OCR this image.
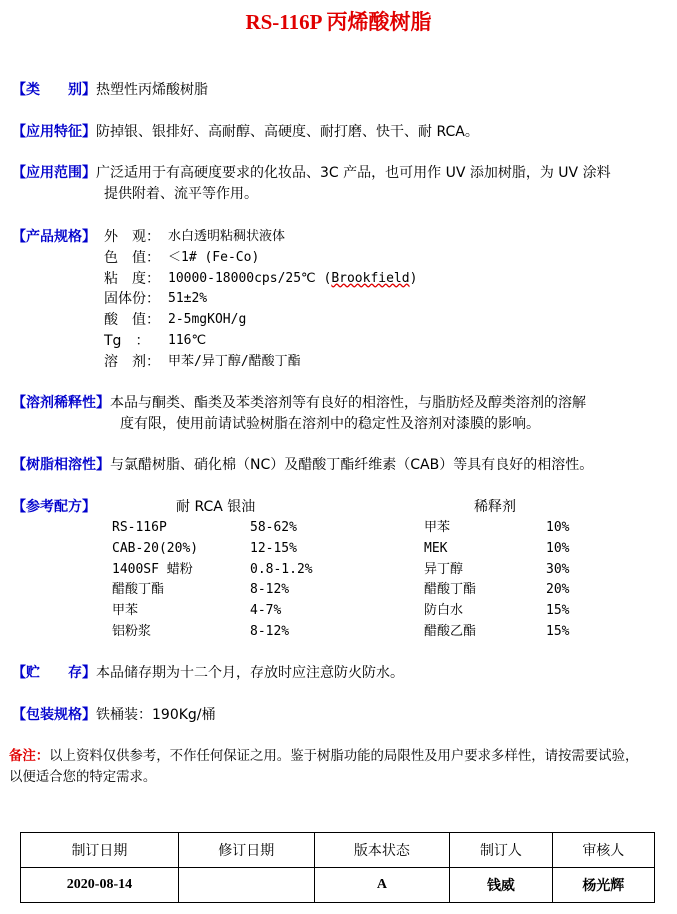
RS-116P 丙烯酸树脂
【类　　别】热塑性丙烯酸树脂
【应用特征】防掉银、银排好、高耐醇、高硬度、耐打磨、快干、耐 RCA。
【应用范围】广泛适用于有高硬度要求的化妆品、3C 产品，也可用作 UV 添加树脂，为 UV 涂料
提供附着、流平等作用。
【产品规格】 外　观： 水白透明粘稠状液体
色　值： ＜1# (Fe-Co)
粘　度： 10000-18000cps/25℃ (Brookfield)
固体份： 51±2%
酸　值： 2-5mgKOH/g
Tg　：	116℃
溶　剂： 甲苯/异丁醇/醋酸丁酯
【溶剂稀释性】本品与酮类、酯类及苯类溶剂等有良好的相溶性，与脂肪烃及醇类溶剂的溶解
度有限，使用前请试验树脂在溶剂中的稳定性及溶剂对漆膜的影响。
【树脂相溶性】与氯醋树脂、硝化棉（NC）及醋酸丁酯纤维素（CAB）等具有良好的相溶性。
【参考配方】	耐 RCA 银油	稀释剂
RS-116P	58-62%
CAB-20(20%)	12-15%
1400SF 蜡粉	0.8-1.2%
醋酸丁酯	8-12%
甲苯	4-7%
铝粉浆	8-12%
甲苯	10%
MEK	10%
异丁醇	30%
醋酸丁酯	20%
防白水	15%
醋酸乙酯	15%
【贮　　存】本品储存期为十二个月，存放时应注意防火防水。
【包装规格】铁桶装：190Kg/桶
备注：以上资料仅供参考，不作任何保证之用。鉴于树脂功能的局限性及用户要求多样性，请按需要试验，
以便适合您的特定需求。
制订日期	修订日期	版本状态	制订人	审核人
2020-08-14		A	钱威	杨光辉
